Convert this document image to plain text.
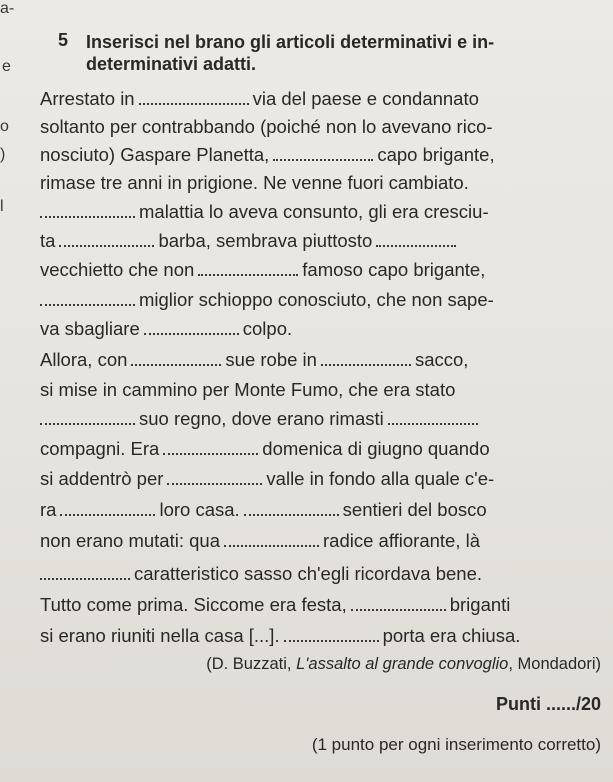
a-
e
o
)
l
5 Inserisci nel brano gli articoli determinativi e in-
determinativi adatti.
Arrestato in	via del paese e condannato
soltanto per contrabbando (poiché non lo avevano rico-
nosciuto) Gaspare Planetta,	capo brigante,
rimase tre anni in prigione. Ne venne fuori cambiato.
malattia lo aveva consunto, gli era cresciu-
ta	barba, sembrava piuttosto
vecchietto che non	famoso capo brigante,
miglior schioppo conosciuto, che non sape-
va sbagliare	colpo.
Allora, con	sue robe in	sacco,
si mise in cammino per Monte Fumo, che era stato
suo regno, dove erano rimasti
compagni. Era	domenica di giugno quando
si addentrò per	valle in fondo alla quale c'e-
ra	loro casa.	sentieri del bosco
non erano mutati: qua	radice affiorante, là
caratteristico sasso ch'egli ricordava bene.
Tutto come prima. Siccome era festa,	briganti
si erano riuniti nella casa [...].	porta era chiusa.
(D. Buzzati, L'assalto al grande convoglio, Mondadori)
Punti ....../20
(1 punto per ogni inserimento corretto)
